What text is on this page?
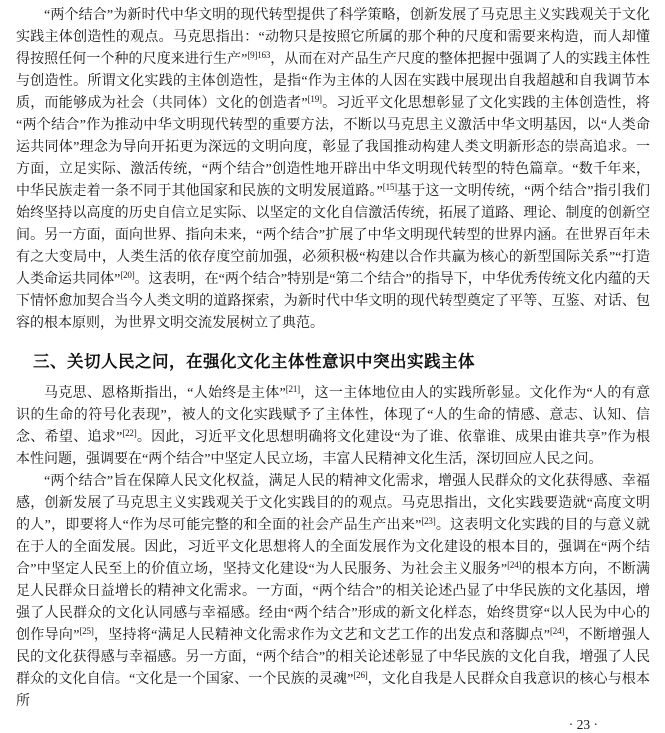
“两个结合”为新时代中华文明的现代转型提供了科学策略，创新发展了马克思主义实践观关于文化实践主体创造性的观点。马克思指出：“动物只是按照它所属的那个种的尺度和需要来构造，而人却懂得按照任何一个种的尺度来进行生产”$^{[9]163}$，从而在对产品生产尺度的整体把握中强调了人的实践主体性与创造性。所谓文化实践的主体创造性，是指“作为主体的人因在实践中展现出自我超越和自我调节本质，而能够成为社会（共同体）文化的创造者”[19]。习近平文化思想彰显了文化实践的主体创造性，将“两个结合”作为推动中华文明现代转型的重要方法，不断以马克思主义激活中华文明基因，以“人类命运共同体”理念为导向开拓更为深远的文明向度，彰显了我国推动构建人类文明新形态的崇高追求。一方面，立足实际、激活传统，“两个结合”创造性地开辟出中华文明现代转型的特色篇章。“数千年来，中华民族走着一条不同于其他国家和民族的文明发展道路。”[15]基于这一文明传统，“两个结合”指引我们始终坚持以高度的历史自信立足实际、以坚定的文化自信激活传统，拓展了道路、理论、制度的创新空间。另一方面，面向世界、指向未来，“两个结合”扩展了中华文明现代转型的世界内涵。在世界百年未有之大变局中，人类生活的依存度空前加强，必须积极“构建以合作共赢为核心的新型国际关系”“打造人类命运共同体”[20]。这表明，在“两个结合”特别是“第二个结合”的指导下，中华优秀传统文化内蕴的天下情怀愈加契合当今人类文明的道路探索，为新时代中华文明的现代转型奠定了平等、互鉴、对话、包容的根本原则，为世界文明交流发展树立了典范。

三、关切人民之问，在强化文化主体性意识中突出实践主体

马克思、恩格斯指出，“人始终是主体”[21]，这一主体地位由人的实践所彰显。文化作为“人的有意识的生命的符号化表现”，被人的文化实践赋予了主体性，体现了“人的生命的情感、意志、认知、信念、希望、追求”[22]。因此，习近平文化思想明确将文化建设“为了谁、依靠谁、成果由谁共享”作为根本性问题，强调要在“两个结合”中坚定人民立场，丰富人民精神文化生活，深切回应人民之问。

“两个结合”旨在保障人民文化权益，满足人民的精神文化需求，增强人民群众的文化获得感、幸福感，创新发展了马克思主义实践观关于文化实践目的的观点。马克思指出，文化实践要造就“高度文明的人”，即要将人“作为尽可能完整的和全面的社会产品生产出来”[23]。这表明文化实践的目的与意义就在于人的全面发展。因此，习近平文化思想将人的全面发展作为文化建设的根本目的，强调在“两个结合”中坚定人民至上的价值立场，坚持文化建设“为人民服务、为社会主义服务”[24]的根本方向，不断满足人民群众日益增长的精神文化需求。一方面，“两个结合”的相关论述凸显了中华民族的文化基因，增强了人民群众的文化认同感与幸福感。经由“两个结合”形成的新文化样态，始终贯穿“以人民为中心的创作导向”[25]，坚持将“满足人民精神文化需求作为文艺和文艺工作的出发点和落脚点”[24]，不断增强人民的文化获得感与幸福感。另一方面，“两个结合”的相关论述彰显了中华民族的文化自我，增强了人民群众的文化自信。“文化是一个国家、一个民族的灵魂”[26]，文化自我是人民群众自我意识的核心与根本所

· 23 ·
